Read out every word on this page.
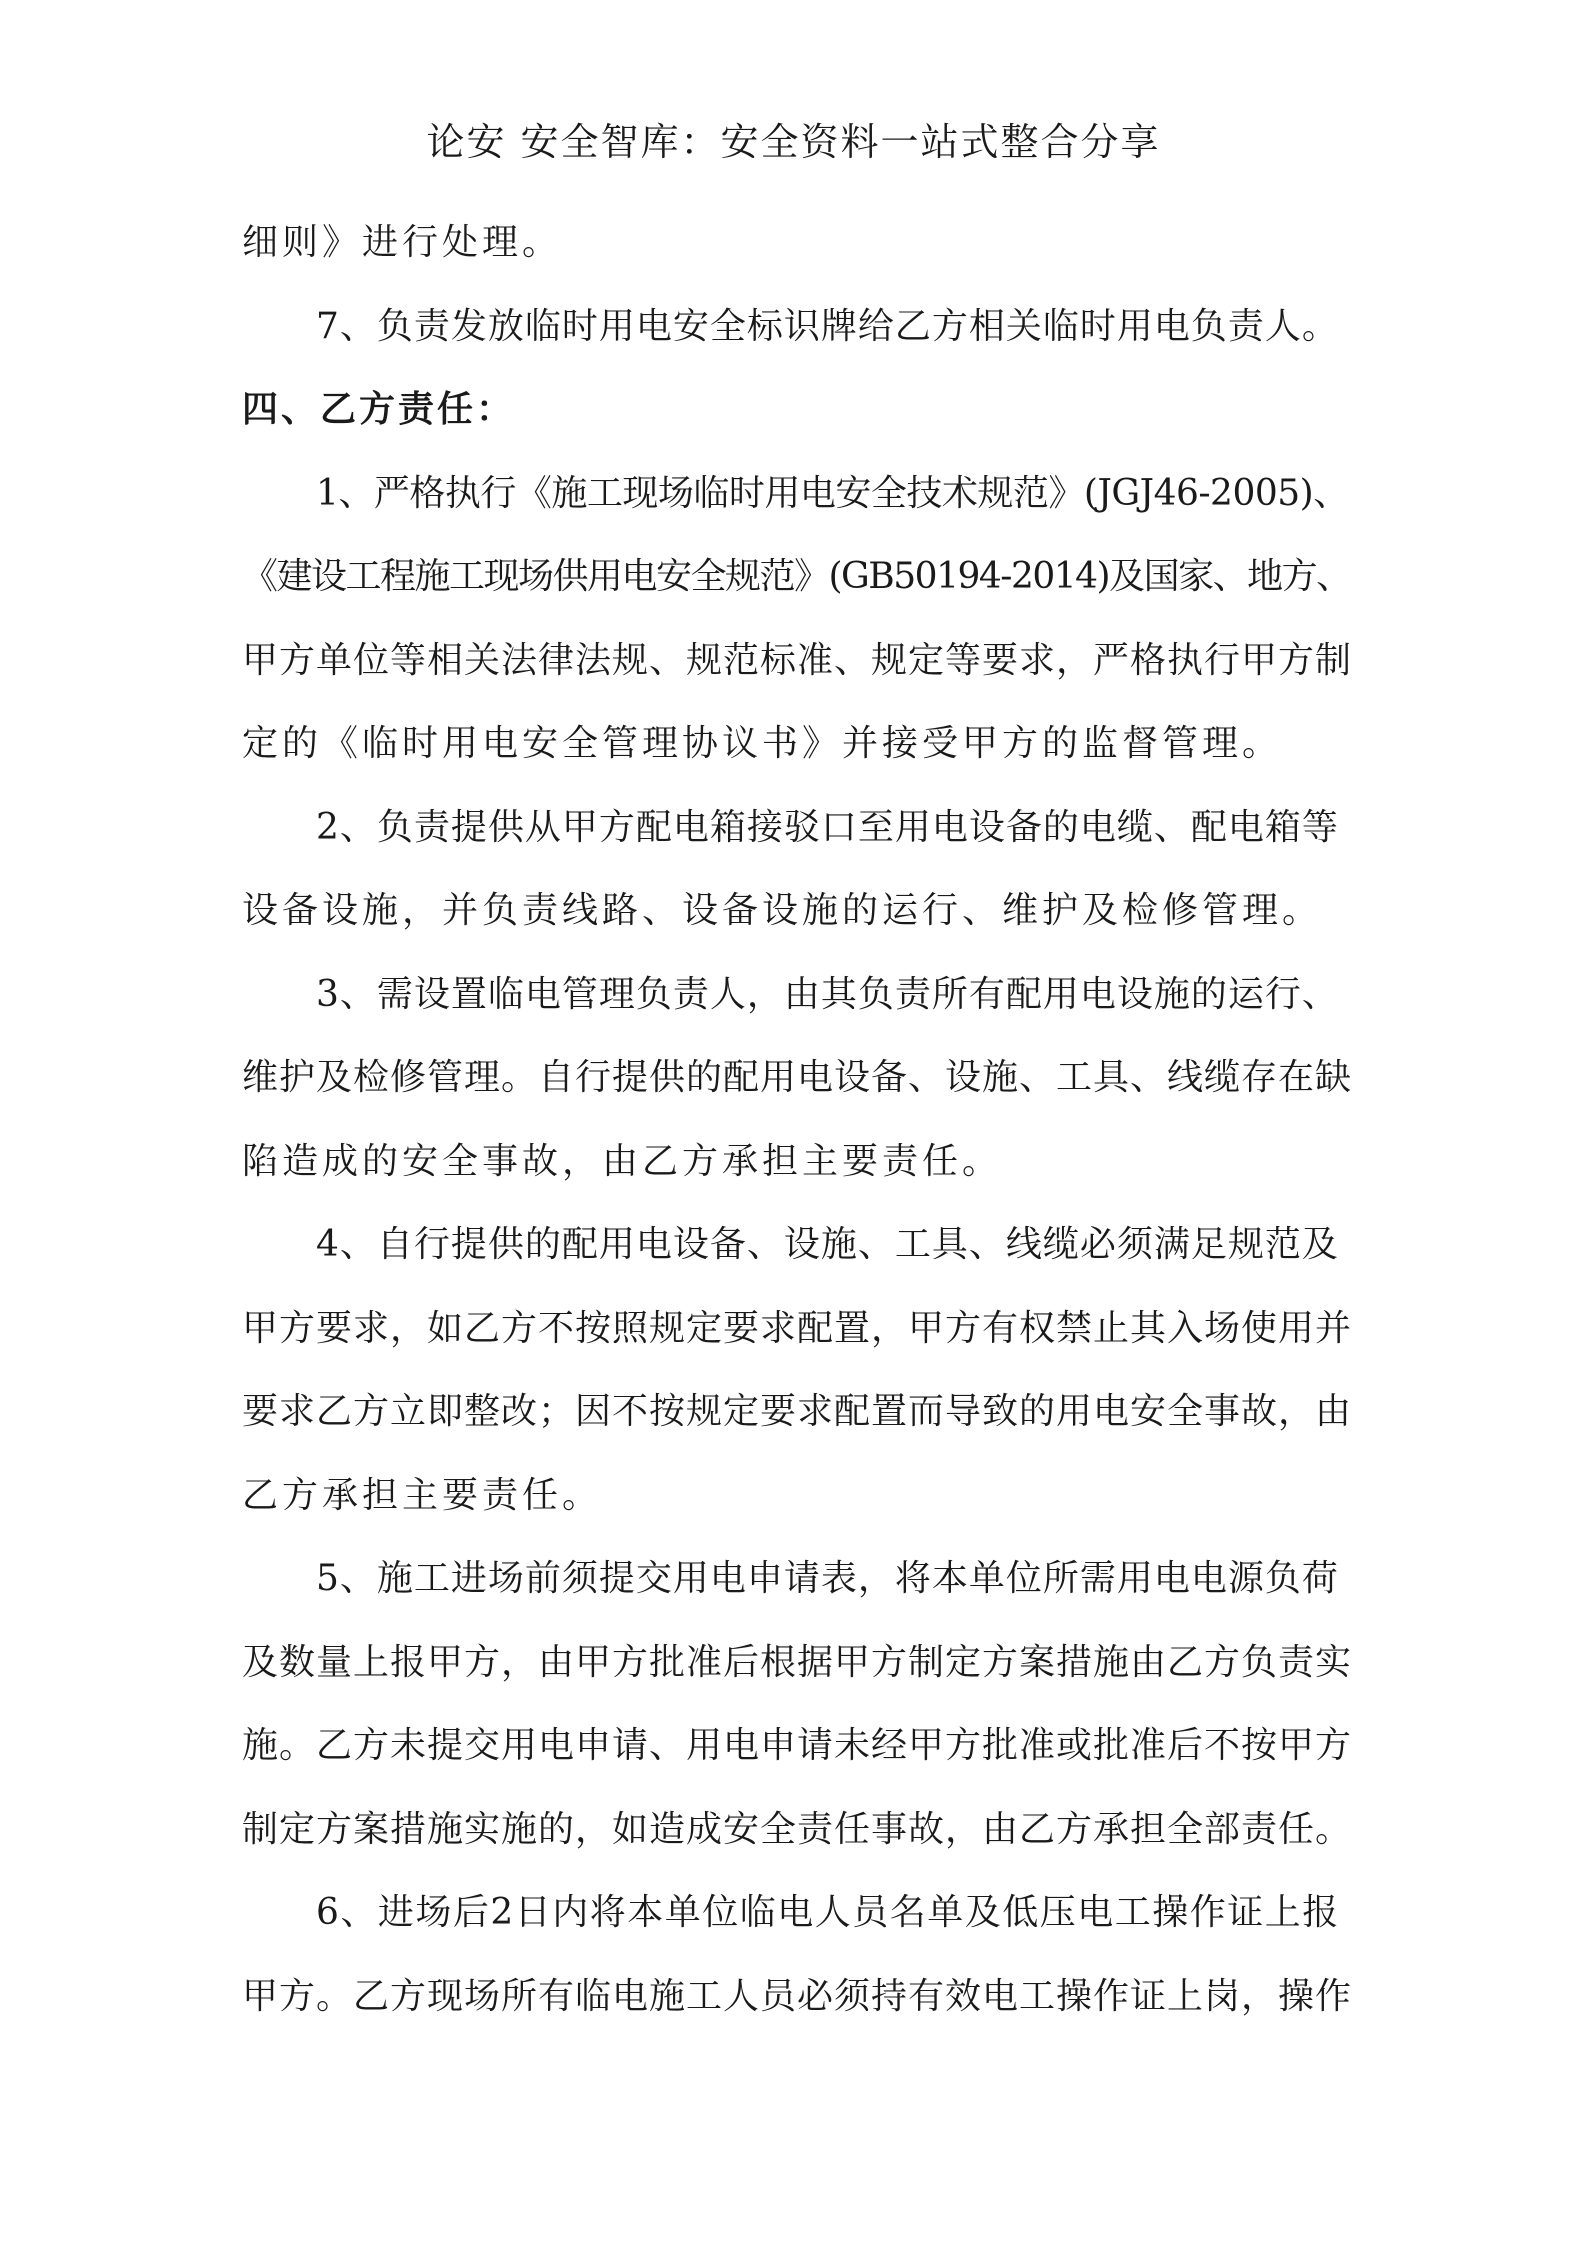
论安 安全智库：安全资料一站式整合分享
细则》进行处理。
7、负责发放临时用电安全标识牌给乙方相关临时用电负责人。
四、乙方责任：
1、严格执行《施工现场临时用电安全技术规范》(JGJ46-2005)、
《建设工程施工现场供用电安全规范》(GB50194-2014)及国家、地方、
甲方单位等相关法律法规、规范标准、规定等要求，严格执行甲方制
定的《临时用电安全管理协议书》并接受甲方的监督管理。
2、负责提供从甲方配电箱接驳口至用电设备的电缆、配电箱等
设备设施，并负责线路、设备设施的运行、维护及检修管理。
3、需设置临电管理负责人，由其负责所有配用电设施的运行、
维护及检修管理。自行提供的配用电设备、设施、工具、线缆存在缺
陷造成的安全事故，由乙方承担主要责任。
4、自行提供的配用电设备、设施、工具、线缆必须满足规范及
甲方要求，如乙方不按照规定要求配置，甲方有权禁止其入场使用并
要求乙方立即整改；因不按规定要求配置而导致的用电安全事故，由
乙方承担主要责任。
5、施工进场前须提交用电申请表，将本单位所需用电电源负荷
及数量上报甲方，由甲方批准后根据甲方制定方案措施由乙方负责实
施。乙方未提交用电申请、用电申请未经甲方批准或批准后不按甲方
制定方案措施实施的，如造成安全责任事故，由乙方承担全部责任。
6、进场后2日内将本单位临电人员名单及低压电工操作证上报
甲方。乙方现场所有临电施工人员必须持有效电工操作证上岗，操作
